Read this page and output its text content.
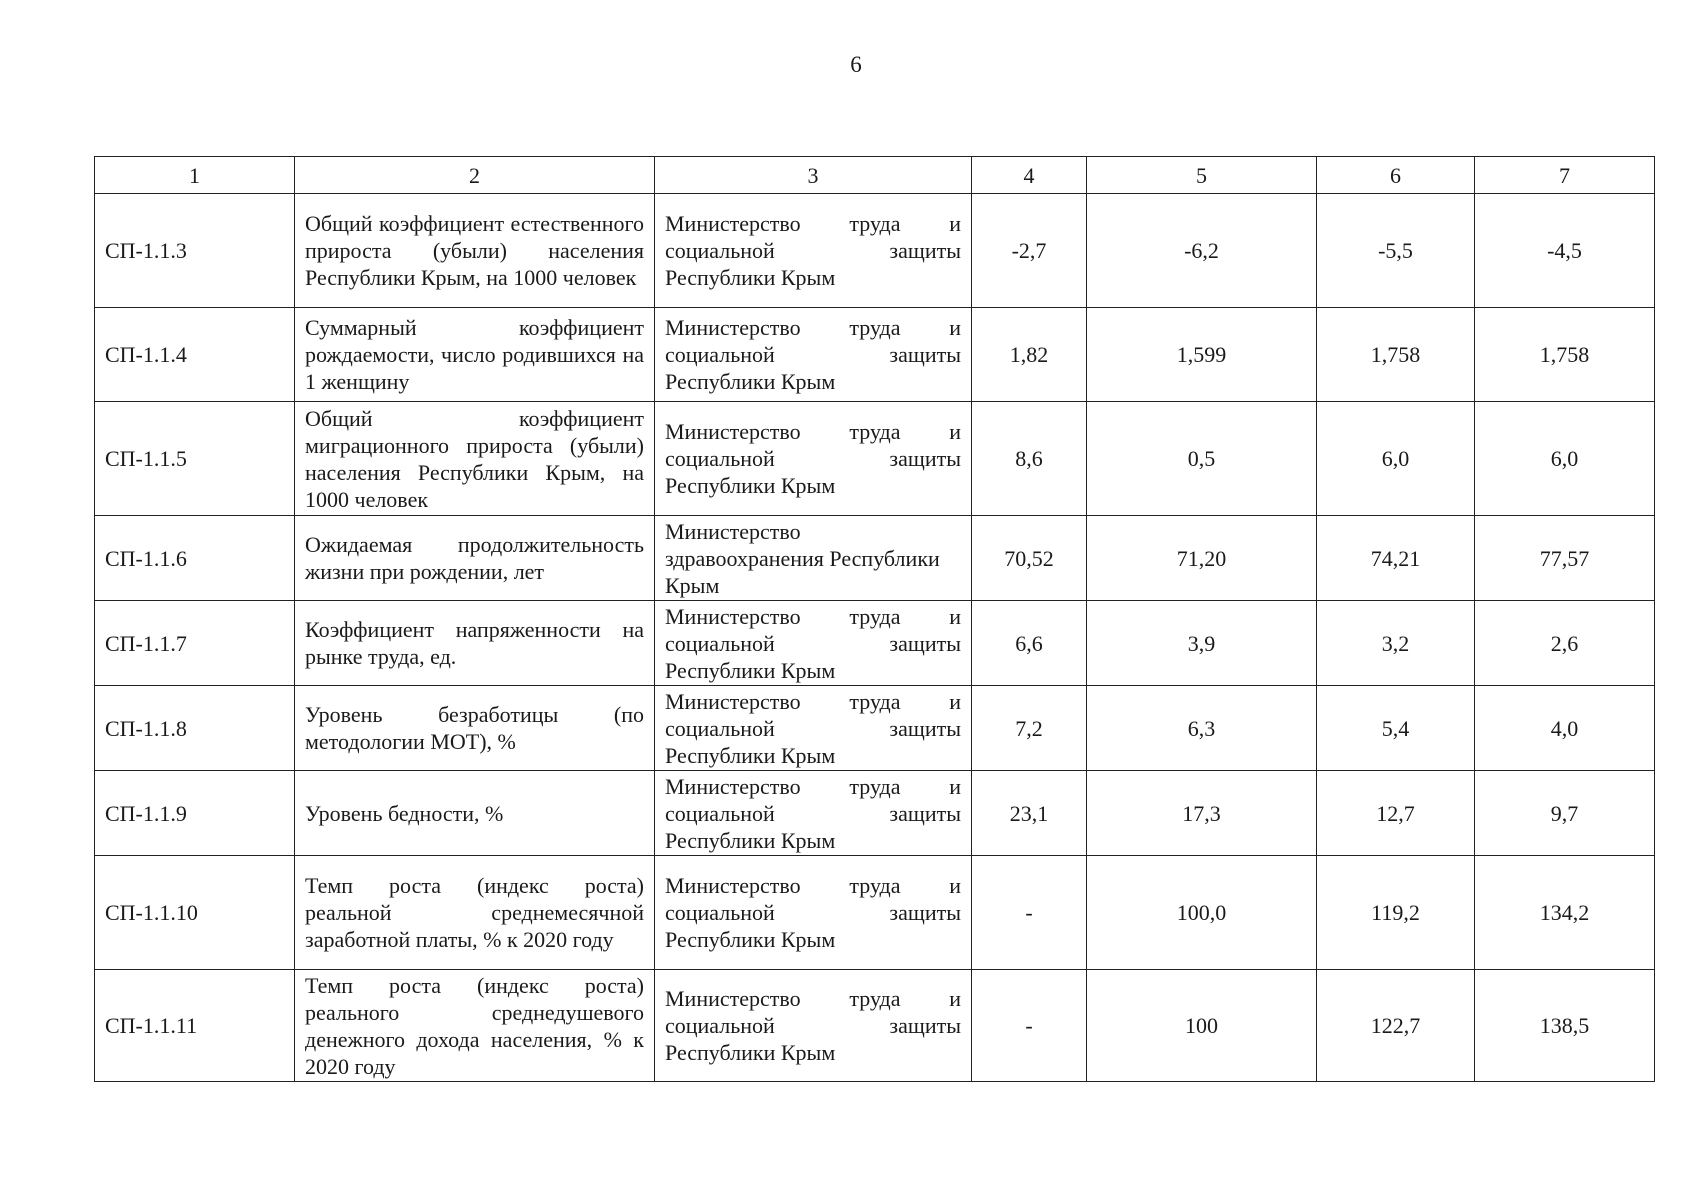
6
1	2	3	4	5	6	7
СП-1.1.3	Общий коэффициент естественного прироста (убыли) населения Республики Крым, на 1000 человек	Министерство труда и социальной защиты Республики Крым	-2,7	-6,2	-5,5	-4,5
СП-1.1.4	Суммарный коэффициент рождаемости, число родившихся на 1 женщину	Министерство труда и социальной защиты Республики Крым	1,82	1,599	1,758	1,758
СП-1.1.5	Общий коэффициент миграционного прироста (убыли) населения Республики Крым, на 1000 человек	Министерство труда и социальной защиты Республики Крым	8,6	0,5	6,0	6,0
СП-1.1.6	Ожидаемая продолжительность жизни при рождении, лет	Министерство здравоохранения Республики Крым	70,52	71,20	74,21	77,57
СП-1.1.7	Коэффициент напряженности на рынке труда, ед.	Министерство труда и социальной защиты Республики Крым	6,6	3,9	3,2	2,6
СП-1.1.8	Уровень безработицы (по методологии МОТ), %	Министерство труда и социальной защиты Республики Крым	7,2	6,3	5,4	4,0
СП-1.1.9	Уровень бедности, %	Министерство труда и социальной защиты Республики Крым	23,1	17,3	12,7	9,7
СП-1.1.10	Темп роста (индекс роста) реальной среднемесячной заработной платы, % к 2020 году	Министерство труда и социальной защиты Республики Крым	-	100,0	119,2	134,2
СП-1.1.11	Темп роста (индекс роста) реального среднедушевого денежного дохода населения, % к 2020 году	Министерство труда и социальной защиты Республики Крым	-	100	122,7	138,5
